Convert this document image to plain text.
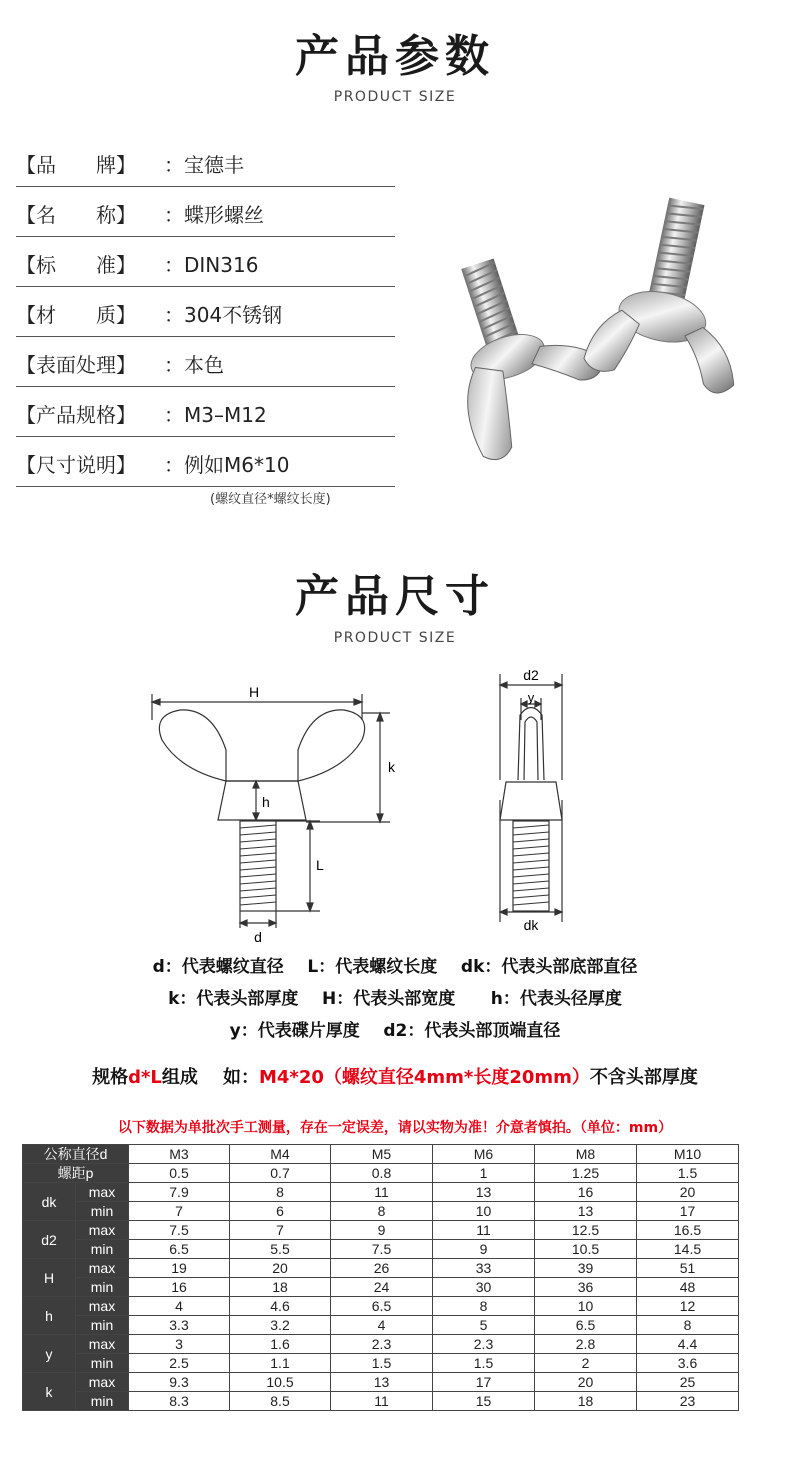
产品参数
PRODUCT SIZE
【品　　牌】 ：宝德丰
【名　　称】 ：蝶形螺丝
【标　　准】 ：DIN316
【材　　质】 ：304不锈钢
【表面处理】 ：本色
【产品规格】 ：M3–M12
【尺寸说明】 ：例如M6*10
(螺纹直径*螺纹长度)
产品尺寸
PRODUCT SIZE
H
k
h
L
d
d2
y
dk
d：代表螺纹直径    L：代表螺纹长度    dk：代表头部底部直径
k：代表头部厚度    H：代表头部宽度      h：代表头径厚度
y：代表碟片厚度    d2：代表头部顶端直径
规格d*L组成    如：M4*20（螺纹直径4mm*长度20mm）不含头部厚度
以下数据为单批次手工测量，存在一定误差，请以实物为准！介意者慎拍。（单位：mm）
公称直径d		M3	M4	M5	M6	M8	M10
螺距p		0.5	0.7	0.8	1	1.25	1.5
dk	max	7.9	8	11	13	16	20
	min	7	6	8	10	13	17
d2	max	7.5	7	9	11	12.5	16.5
	min	6.5	5.5	7.5	9	10.5	14.5
H	max	19	20	26	33	39	51
	min	16	18	24	30	36	48
h	max	4	4.6	6.5	8	10	12
	min	3.3	3.2	4	5	6.5	8
y	max	3	1.6	2.3	2.3	2.8	4.4
	min	2.5	1.1	1.5	1.5	2	3.6
k	max	9.3	10.5	13	17	20	25
	min	8.3	8.5	11	15	18	23
